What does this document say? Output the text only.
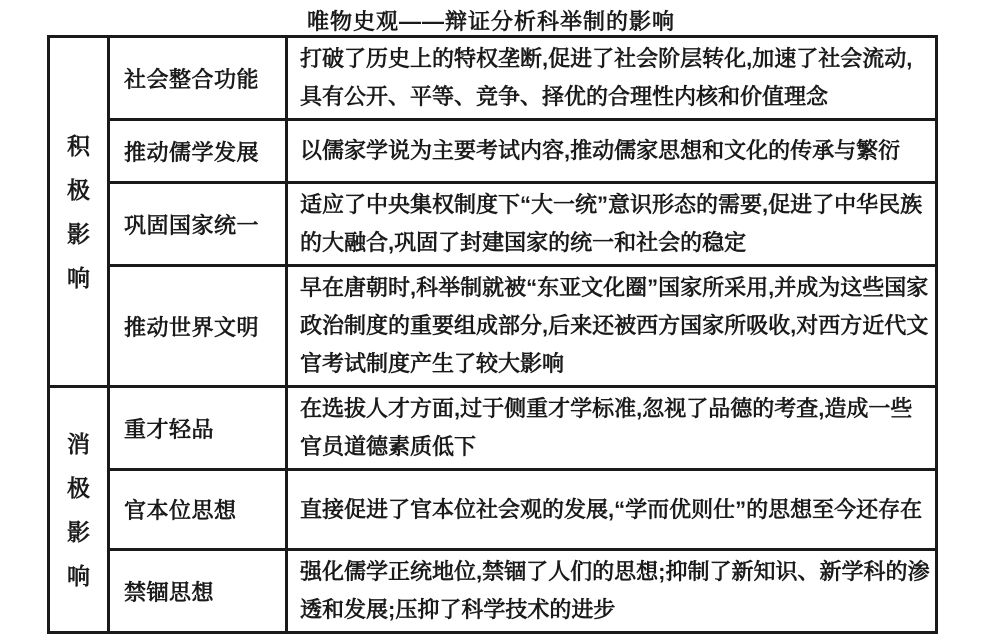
唯物史观——辩证分析科举制的影响
积极影响	社会整合功能	打破了历史上的特权垄断,促进了社会阶层转化,加速了社会流动,具有公开、平等、竞争、择优的合理性内核和价值理念
	推动儒学发展	以儒家学说为主要考试内容,推动儒家思想和文化的传承与繁衍
	巩固国家统一	适应了中央集权制度下“大一统”意识形态的需要,促进了中华民族的大融合,巩固了封建国家的统一和社会的稳定
	推动世界文明	早在唐朝时,科举制就被“东亚文化圈”国家所采用,并成为这些国家政治制度的重要组成部分,后来还被西方国家所吸收,对西方近代文官考试制度产生了较大影响

消极影响	重才轻品	在选拔人才方面,过于侧重才学标准,忽视了品德的考查,造成一些官员道德素质低下
	官本位思想	直接促进了官本位社会观的发展,“学而优则仕”的思想至今还存在
	禁锢思想	强化儒学正统地位,禁锢了人们的思想;抑制了新知识、新学科的渗透和发展;压抑了科学技术的进步
